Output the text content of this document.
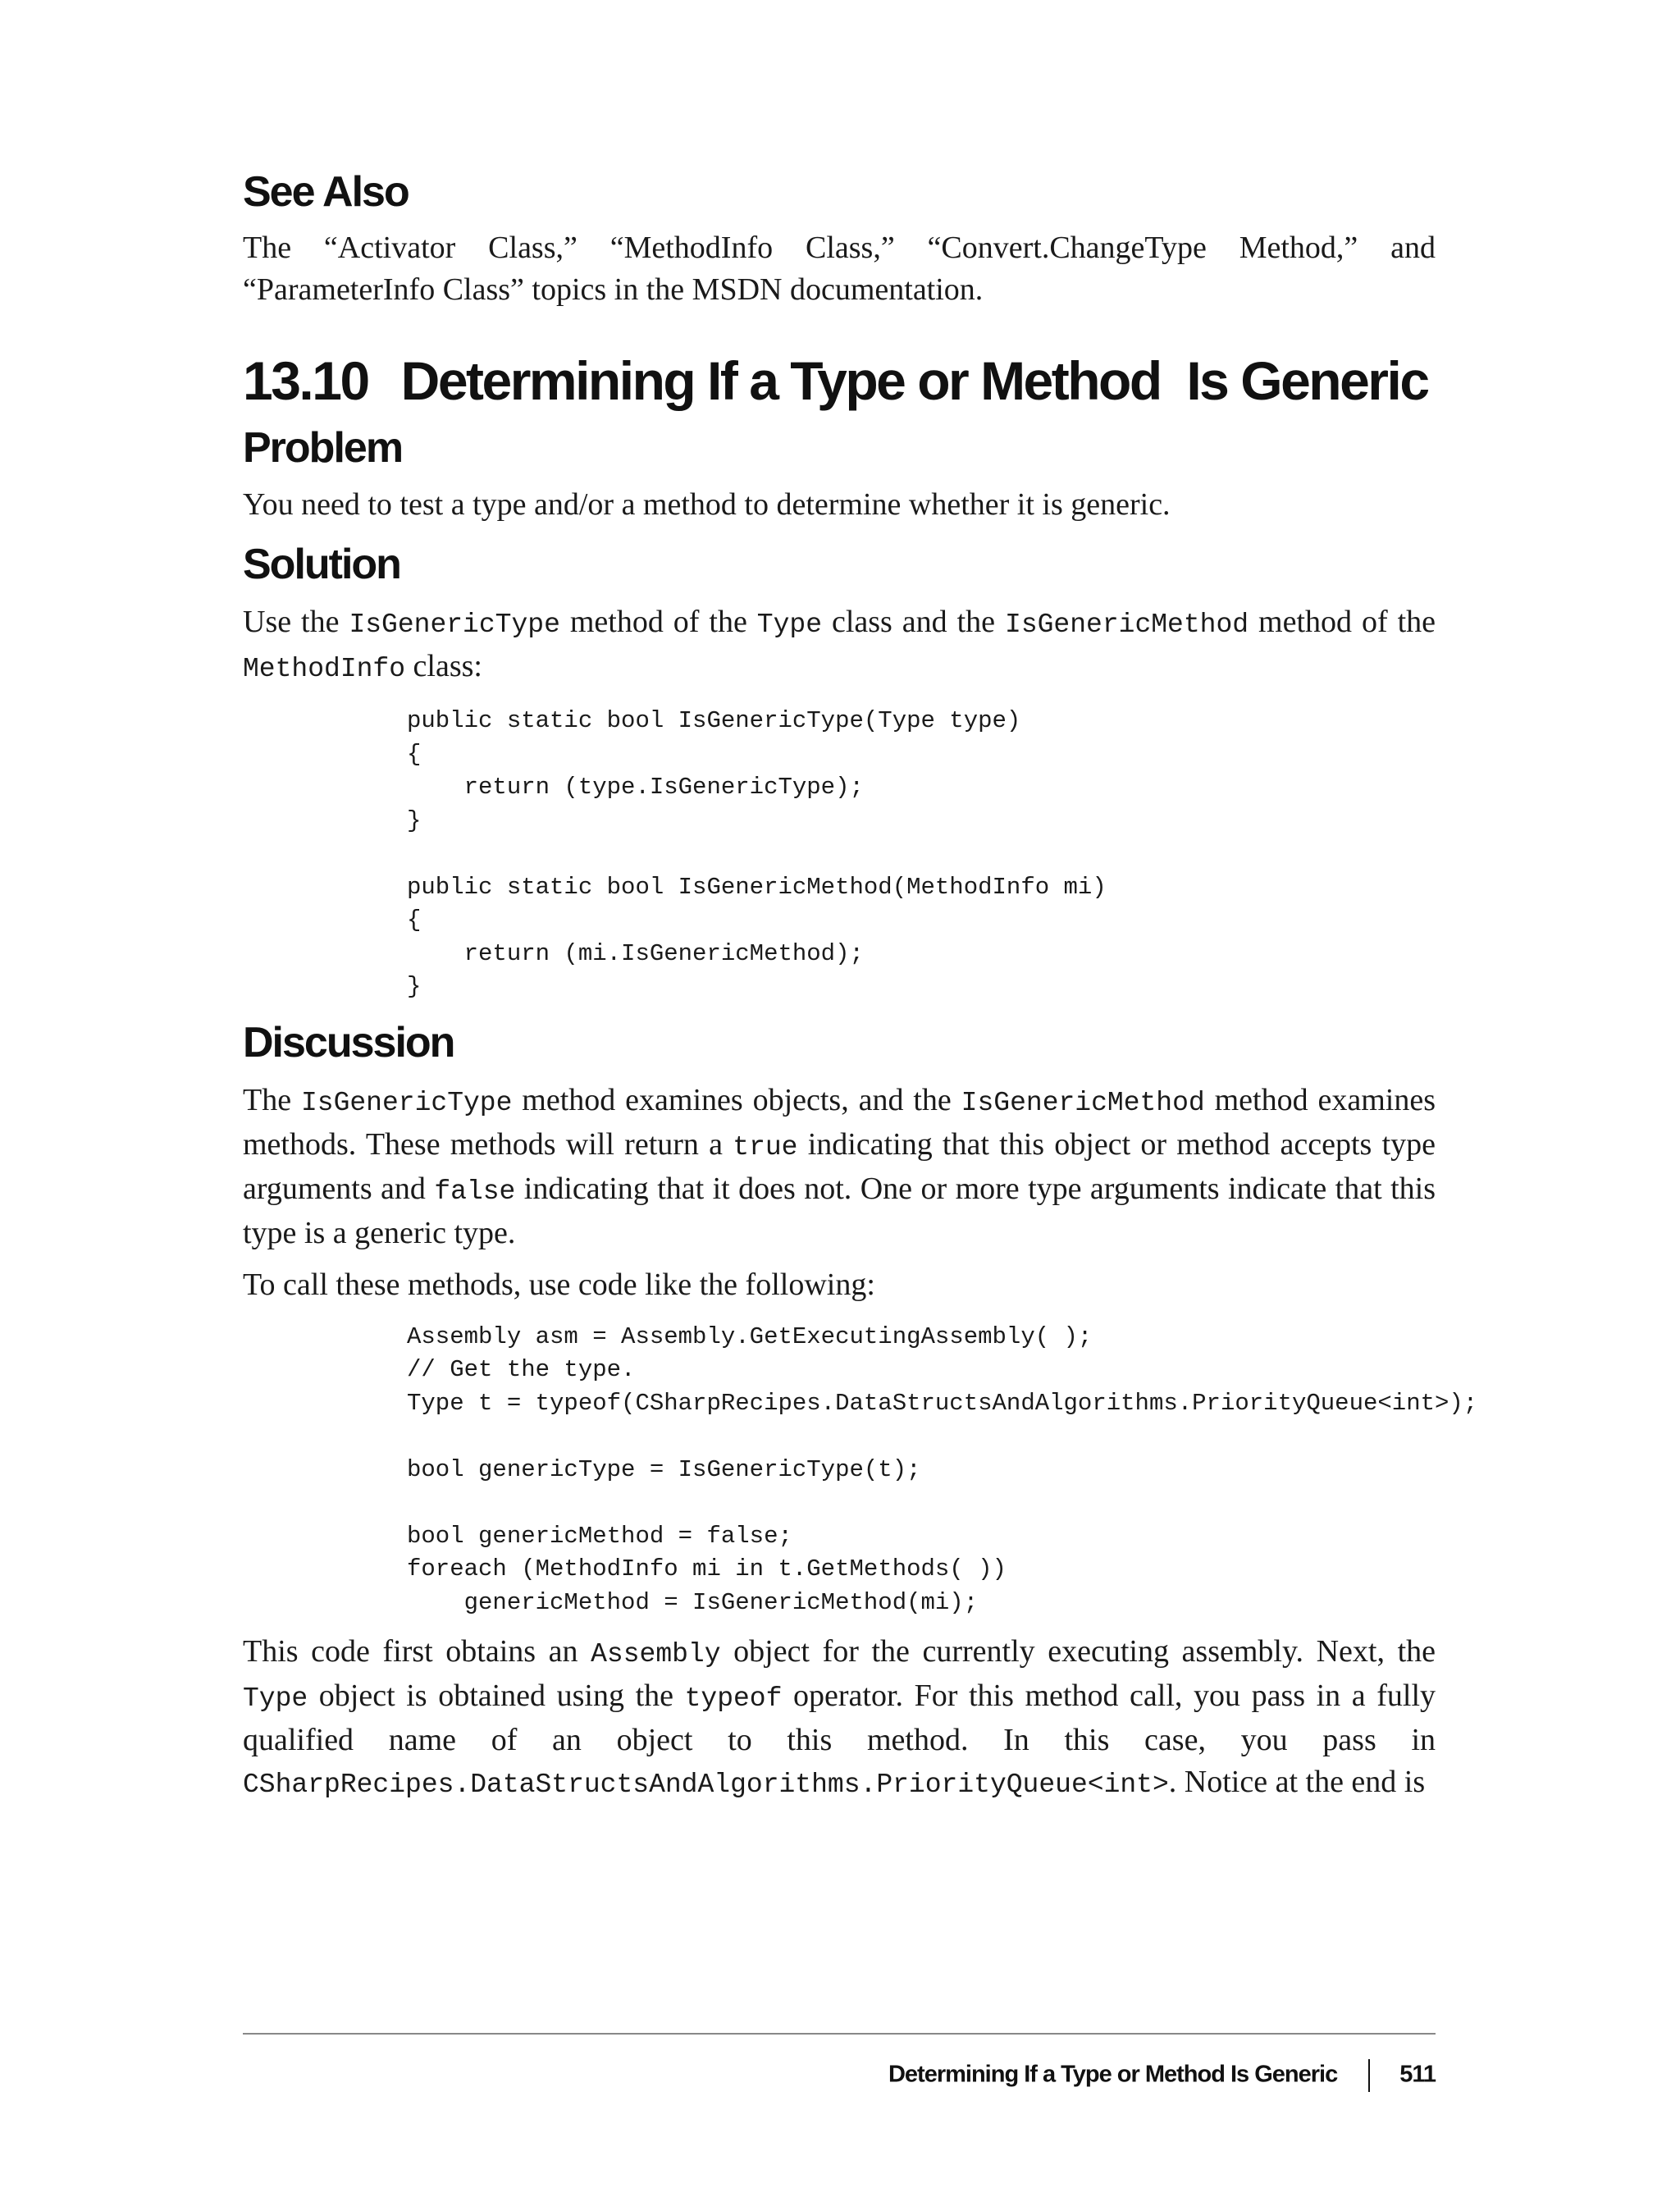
See Also

The “Activator Class,” “MethodInfo Class,” “Convert.ChangeType Method,” and “ParameterInfo Class” topics in the MSDN documentation.

13.10 Determining If a Type or Method  Is Generic
Problem

You need to test a type and/or a method to determine whether it is generic.

Solution

Use the IsGenericType method of the Type class and the IsGenericMethod method of the MethodInfo class:

public static bool IsGenericType(Type type)
{
return (type.IsGenericType);
}

public static bool IsGenericMethod(MethodInfo mi)
{
return (mi.IsGenericMethod);
}
Discussion

The IsGenericType method examines objects, and the IsGenericMethod method examines methods. These methods will return a true indicating that this object or method accepts type arguments and false indicating that it does not. One or more type arguments indicate that this type is a generic type.

To call these methods, use code like the following:

Assembly asm = Assembly.GetExecutingAssembly( );
// Get the type.
Type t = typeof(CSharpRecipes.DataStructsAndAlgorithms.PriorityQueue<int>);

bool genericType = IsGenericType(t);

bool genericMethod = false;
foreach (MethodInfo mi in t.GetMethods( ))
genericMethod = IsGenericMethod(mi);

This code first obtains an Assembly object for the currently executing assembly. Next, the Type object is obtained using the typeof operator. For this method call, you pass in a fully qualified name of an object to this method. In this case, you pass in CSharpRecipes.DataStructsAndAlgorithms.PriorityQueue<int>. Notice at the end is

Determining If a Type or Method Is Generic	511
